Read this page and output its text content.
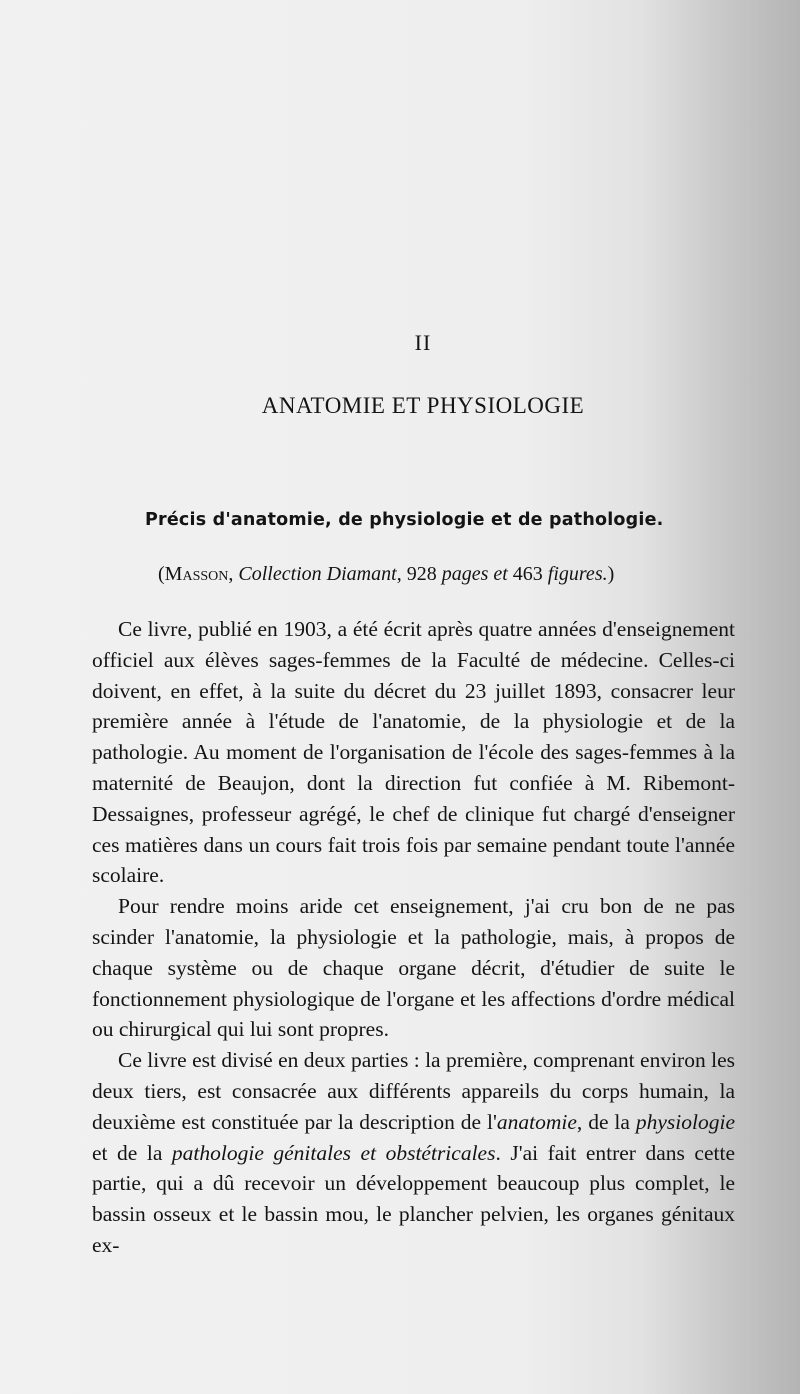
II
ANATOMIE ET PHYSIOLOGIE
Précis d'anatomie, de physiologie et de pathologie.
(Masson, Collection Diamant, 928 pages et 463 figures.)

Ce livre, publié en 1903, a été écrit après quatre années d'enseignement officiel aux élèves sages-femmes de la Faculté de médecine. Celles-ci doivent, en effet, à la suite du décret du 23 juillet 1893, consacrer leur première année à l'étude de l'anatomie, de la physiologie et de la pathologie. Au moment de l'organisation de l'école des sages-femmes à la maternité de Beaujon, dont la direction fut confiée à M. Ribemont-Dessaignes, professeur agrégé, le chef de clinique fut chargé d'enseigner ces matières dans un cours fait trois fois par semaine pendant toute l'année scolaire.

Pour rendre moins aride cet enseignement, j'ai cru bon de ne pas scinder l'anatomie, la physiologie et la pathologie, mais, à propos de chaque système ou de chaque organe décrit, d'étudier de suite le fonctionnement physiologique de l'organe et les affections d'ordre médical ou chirurgical qui lui sont propres.

Ce livre est divisé en deux parties : la première, comprenant environ les deux tiers, est consacrée aux différents appareils du corps humain, la deuxième est constituée par la description de l'anatomie, de la physiologie et de la pathologie génitales et obstétricales. J'ai fait entrer dans cette partie, qui a dû recevoir un développement beaucoup plus complet, le bassin osseux et le bassin mou, le plancher pelvien, les organes génitaux ex-
